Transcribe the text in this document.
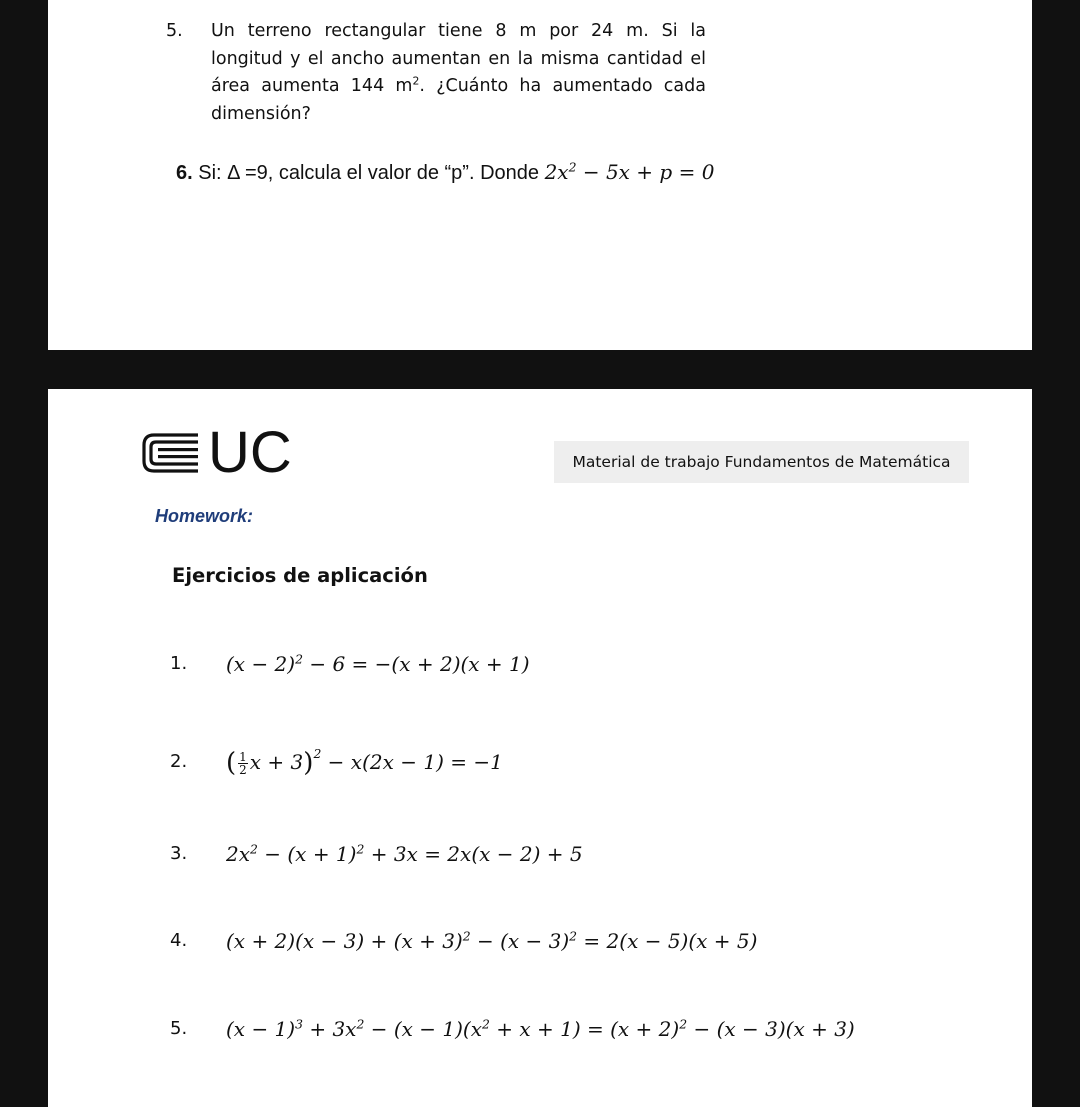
5. Un terreno rectangular tiene 8 m por 24 m. Si la longitud y el ancho aumentan en la misma cantidad el área aumenta 144 $m^2$. ¿Cuánto ha aumentado cada dimensión?
6. Si: Δ =9, calcula el valor de “p”. Donde $2x^2 - 5x + p = 0$
UC	Material de trabajo Fundamentos de Matemática
Homework:
Ejercicios de aplicación
1. $(x - 2)^2 - 6 = -(x + 2)(x + 1)$
2. ( $\frac{1}{2}$ x + 3)$^2$ − x(2x − 1) = −1
3. $2x^2 - (x + 1)^2 + 3x = 2x(x - 2) + 5$
4. $(x + 2)(x - 3) + (x + 3)^2 - (x - 3)^2 = 2(x - 5)(x + 5)$
5. $(x - 1)^3 + 3x^2 - (x - 1)(x^2 + x + 1) = (x + 2)^2 - (x - 3)(x + 3)$
